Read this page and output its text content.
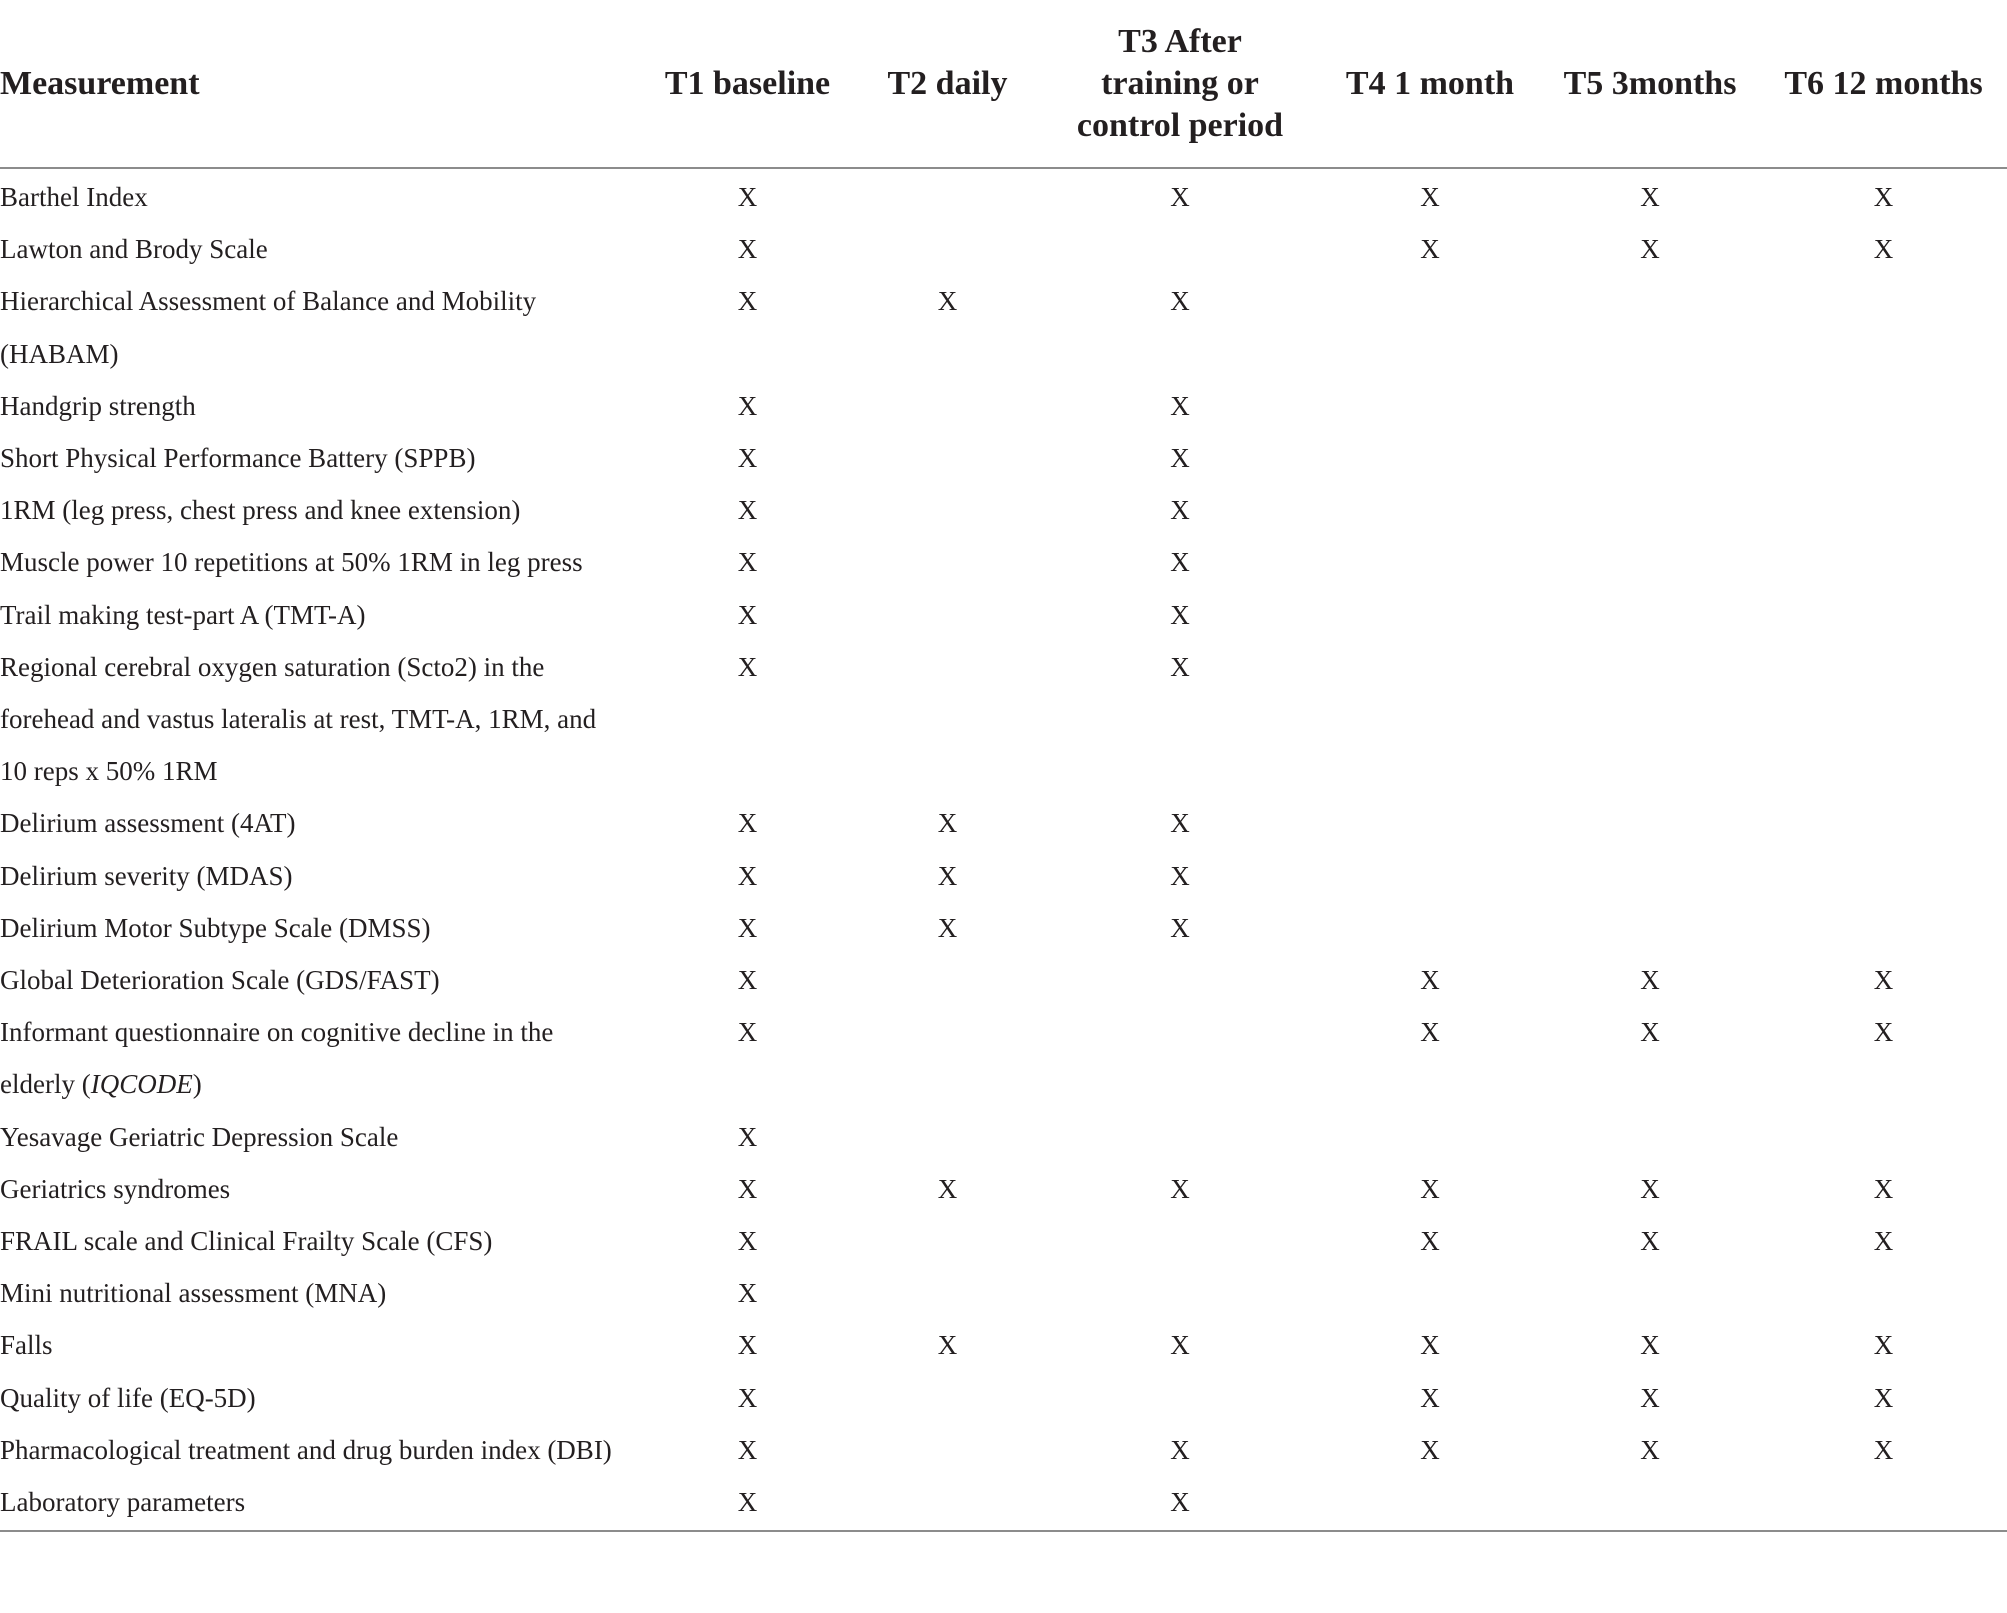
Measurement	T1 baseline	T2 daily	T3 After training or control period	T4 1 month	T5 3months	T6 12 months
Barthel Index	X		X	X	X	X
Lawton and Brody Scale	X			X	X	X
Hierarchical Assessment of Balance and Mobility (HABAM)	X	X	X			
Handgrip strength	X		X			
Short Physical Performance Battery (SPPB)	X		X			
1RM (leg press, chest press and knee extension)	X		X			
Muscle power 10 repetitions at 50% 1RM in leg press	X		X			
Trail making test-part A (TMT-A)	X		X			
Regional cerebral oxygen saturation (Scto2) in the forehead and vastus lateralis at rest, TMT-A, 1RM, and 10 reps x 50% 1RM	X		X			
Delirium assessment (4AT)	X	X	X			
Delirium severity (MDAS)	X	X	X			
Delirium Motor Subtype Scale (DMSS)	X	X	X			
Global Deterioration Scale (GDS/FAST)	X			X	X	X
Informant questionnaire on cognitive decline in the elderly (IQCODE)	X			X	X	X
Yesavage Geriatric Depression Scale	X					
Geriatrics syndromes	X	X	X	X	X	X
FRAIL scale and Clinical Frailty Scale (CFS)	X			X	X	X
Mini nutritional assessment (MNA)	X					
Falls	X	X	X	X	X	X
Quality of life (EQ-5D)	X			X	X	X
Pharmacological treatment and drug burden index (DBI)	X		X	X	X	X
Laboratory parameters	X		X			
